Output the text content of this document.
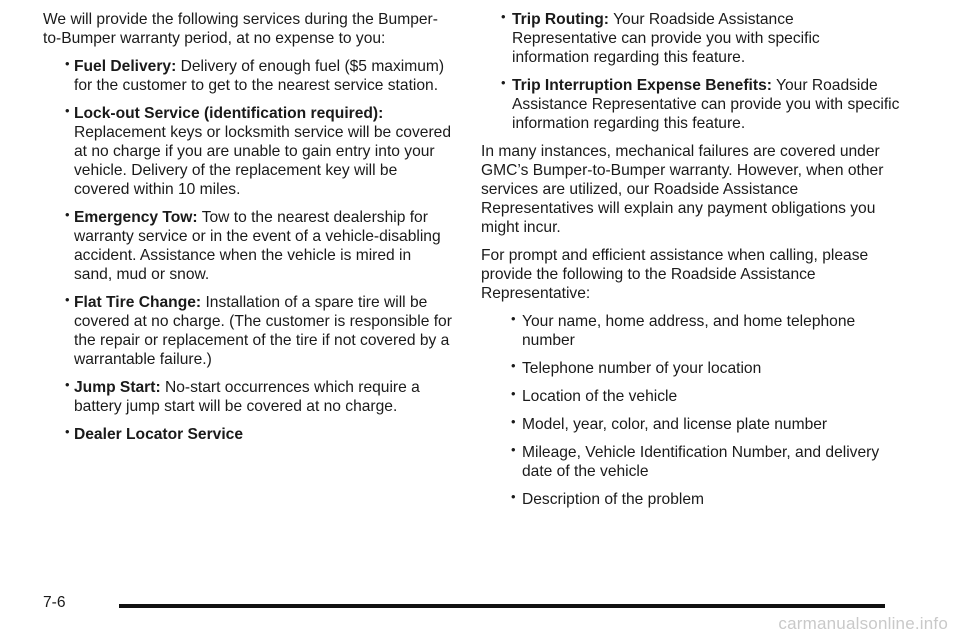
We will provide the following services during the Bumper-to-Bumper warranty period, at no expense to you:

• Fuel Delivery: Delivery of enough fuel ($5 maximum) for the customer to get to the nearest service station.
• Lock-out Service (identification required): Replacement keys or locksmith service will be covered at no charge if you are unable to gain entry into your vehicle. Delivery of the replacement key will be covered within 10 miles.
• Emergency Tow: Tow to the nearest dealership for warranty service or in the event of a vehicle-disabling accident. Assistance when the vehicle is mired in sand, mud or snow.
• Flat Tire Change: Installation of a spare tire will be covered at no charge. (The customer is responsible for the repair or replacement of the tire if not covered by a warrantable failure.)
• Jump Start: No-start occurrences which require a battery jump start will be covered at no charge.
• Dealer Locator Service
• Trip Routing: Your Roadside Assistance Representative can provide you with specific information regarding this feature.
• Trip Interruption Expense Benefits: Your Roadside Assistance Representative can provide you with specific information regarding this feature.

In many instances, mechanical failures are covered under GMC’s Bumper-to-Bumper warranty. However, when other services are utilized, our Roadside Assistance Representatives will explain any payment obligations you might incur.

For prompt and efficient assistance when calling, please provide the following to the Roadside Assistance Representative:

• Your name, home address, and home telephone number
• Telephone number of your location
• Location of the vehicle
• Model, year, color, and license plate number
• Mileage, Vehicle Identification Number, and delivery date of the vehicle
• Description of the problem
7-6
carmanualsonline.info
